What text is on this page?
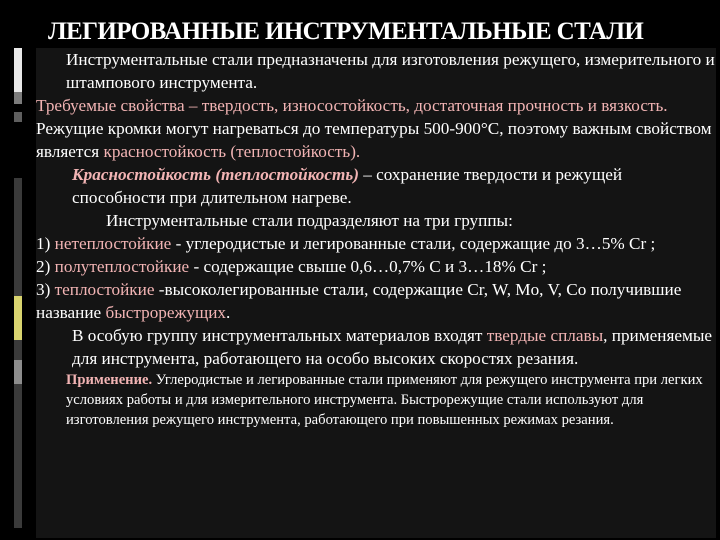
ЛЕГИРОВАННЫЕ ИНСТРУМЕНТАЛЬНЫЕ СТАЛИ

Инструментальные стали предназначены для изготовления режущего, измерительного и штампового инструмента.

Требуемые свойства – твердость, износостойкость, достаточная прочность и вязкость. Режущие кромки могут нагреваться до температуры 500-900°С, поэтому важным свойством является красностойкость (теплостойкость).

Красностойкость (теплостойкость) – сохранение твердости и режущей способности при длительном нагреве.

Инструментальные стали подразделяют на три группы:

1) нетеплостойкие - углеродистые и легированные стали, содержащие до 3…5% Cr ;

2) полутеплостойкие - содержащие свыше 0,6…0,7% С и 3…18% Cr ;

3) теплостойкие -высоколегированные стали, содержащие Cr, W, Mo, V, Co получившие название быстрорежущих.

В особую группу инструментальных материалов входят твердые сплавы, применяемые для инструмента, работающего на особо высоких скоростях резания.

Применение. Углеродистые и легированные стали применяют для режущего инструмента при легких условиях работы и для измерительного инструмента. Быстрорежущие стали используют для изготовления режущего инструмента, работающего при повышенных режимах резания.
